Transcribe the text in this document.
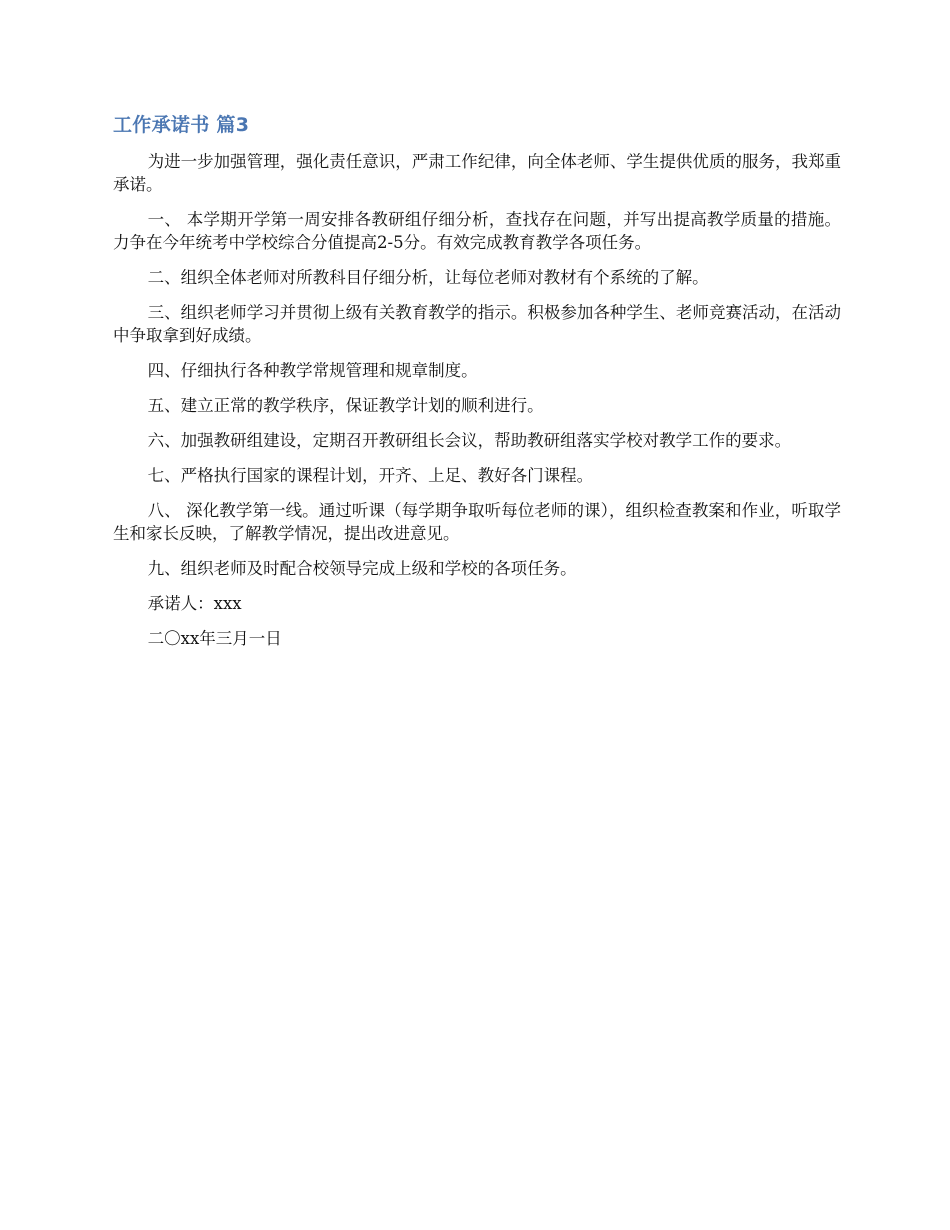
工作承诺书 篇3

为进一步加强管理，强化责任意识，严肃工作纪律，向全体老师、学生提供优质的服务，我郑重承诺。

一、 本学期开学第一周安排各教研组仔细分析，查找存在问题，并写出提高教学质量的措施。力争在今年统考中学校综合分值提高2-5分。有效完成教育教学各项任务。

二、组织全体老师对所教科目仔细分析，让每位老师对教材有个系统的了解。

三、组织老师学习并贯彻上级有关教育教学的指示。积极参加各种学生、老师竞赛活动，在活动中争取拿到好成绩。

四、仔细执行各种教学常规管理和规章制度。

五、建立正常的教学秩序，保证教学计划的顺利进行。

六、加强教研组建设，定期召开教研组长会议，帮助教研组落实学校对教学工作的要求。

七、严格执行国家的课程计划，开齐、上足、教好各门课程。

八、 深化教学第一线。通过听课（每学期争取听每位老师的课），组织检查教案和作业，听取学生和家长反映，了解教学情况，提出改进意见。

九、组织老师及时配合校领导完成上级和学校的各项任务。

承诺人：xxx

二〇xx年三月一日
